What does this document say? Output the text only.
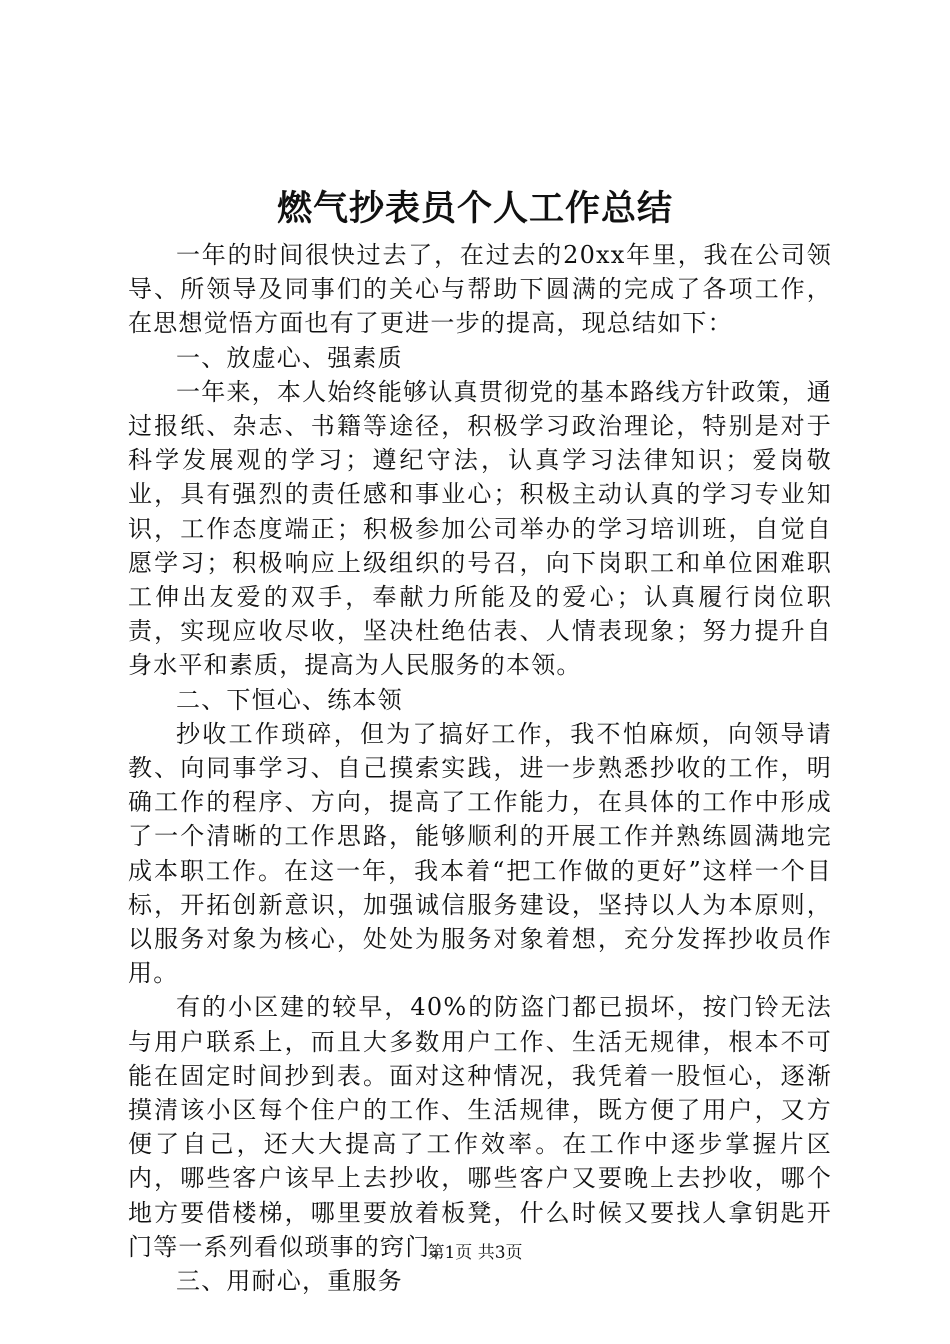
燃气抄表员个人工作总结

一年的时间很快过去了，在过去的20xx年里，我在公司领导、所领导及同事们的关心与帮助下圆满的完成了各项工作，在思想觉悟方面也有了更进一步的提高，现总结如下：

一、放虚心、强素质

一年来，本人始终能够认真贯彻党的基本路线方针政策，通过报纸、杂志、书籍等途径，积极学习政治理论，特别是对于科学发展观的学习；遵纪守法，认真学习法律知识；爱岗敬业，具有强烈的责任感和事业心；积极主动认真的学习专业知识，工作态度端正；积极参加公司举办的学习培训班，自觉自愿学习；积极响应上级组织的号召，向下岗职工和单位困难职工伸出友爱的双手，奉献力所能及的爱心；认真履行岗位职责，实现应收尽收，坚决杜绝估表、人情表现象；努力提升自身水平和素质，提高为人民服务的本领。

二、下恒心、练本领

抄收工作琐碎，但为了搞好工作，我不怕麻烦，向领导请教、向同事学习、自己摸索实践，进一步熟悉抄收的工作，明确工作的程序、方向，提高了工作能力，在具体的工作中形成了一个清晰的工作思路，能够顺利的开展工作并熟练圆满地完成本职工作。在这一年，我本着“把工作做的更好”这样一个目标，开拓创新意识，加强诚信服务建设，坚持以人为本原则，以服务对象为核心，处处为服务对象着想，充分发挥抄收员作用。

有的小区建的较早，40%的防盗门都已损坏，按门铃无法与用户联系上，而且大多数用户工作、生活无规律，根本不可能在固定时间抄到表。面对这种情况，我凭着一股恒心，逐渐摸清该小区每个住户的工作、生活规律，既方便了用户，又方便了自己，还大大提高了工作效率。在工作中逐步掌握片区内，哪些客户该早上去抄收，哪些客户又要晚上去抄收，哪个地方要借楼梯，哪里要放着板凳，什么时候又要找人拿钥匙开门等一系列看似琐事的窍门。

三、用耐心，重服务

第1页 共3页
